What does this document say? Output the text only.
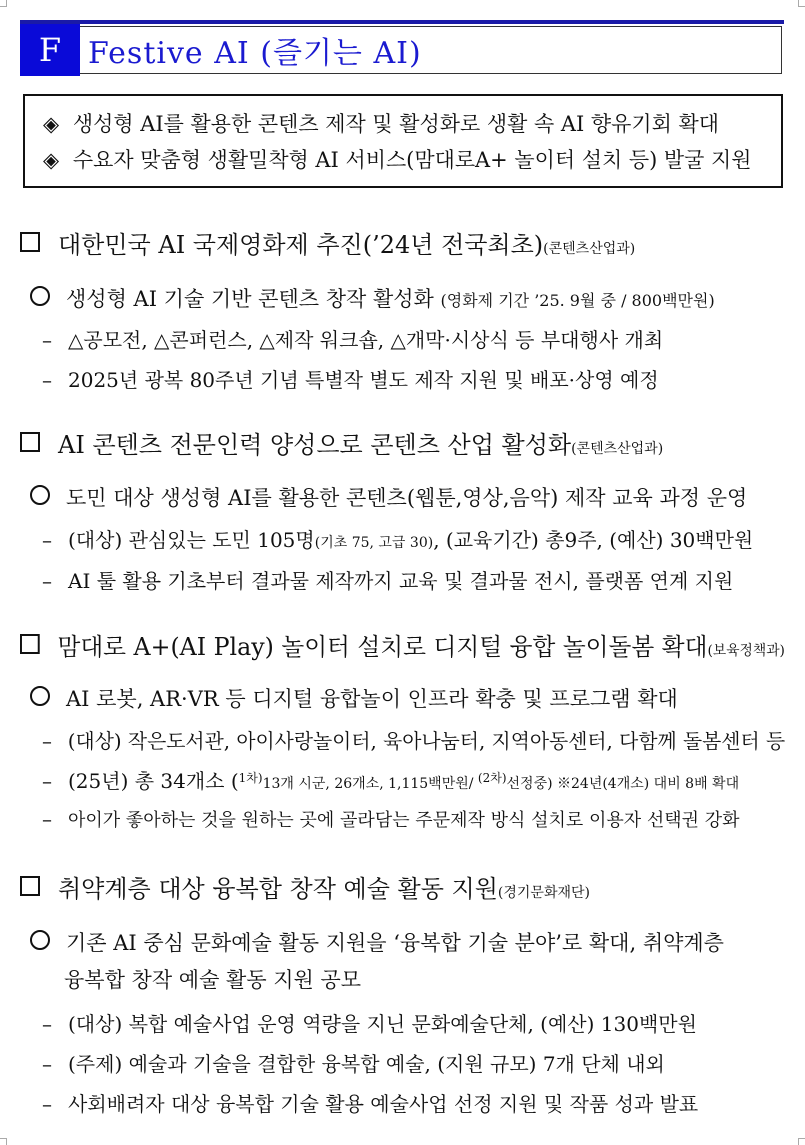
F Festive AI (즐기는 AI)
◈ 생성형 AI를 활용한 콘텐츠 제작 및 활성화로 생활 속 AI 향유기회 확대
◈ 수요자 맞춤형 생활밀착형 AI 서비스(맘대로A+ 놀이터 설치 등) 발굴 지원
대한민국 AI 국제영화제 추진(’24년 전국최초)(콘텐츠산업과)
생성형 AI 기술 기반 콘텐츠 창작 활성화 (영화제 기간 ’25. 9월 중 / 800백만원)
– △공모전, △콘퍼런스, △제작 워크숍, △개막·시상식 등 부대행사 개최
– 2025년 광복 80주년 기념 특별작 별도 제작 지원 및 배포·상영 예정
AI 콘텐츠 전문인력 양성으로 콘텐츠 산업 활성화(콘텐츠산업과)
도민 대상 생성형 AI를 활용한 콘텐츠(웹툰,영상,음악) 제작 교육 과정 운영
– (대상) 관심있는 도민 105명(기초 75, 고급 30), (교육기간) 총9주, (예산) 30백만원
– AI 툴 활용 기초부터 결과물 제작까지 교육 및 결과물 전시, 플랫폼 연계 지원
맘대로 A+(AI Play) 놀이터 설치로 디지털 융합 놀이돌봄 확대(보육정책과)
AI 로봇, AR·VR 등 디지털 융합놀이 인프라 확충 및 프로그램 확대
– (대상) 작은도서관, 아이사랑놀이터, 육아나눔터, 지역아동센터, 다함께 돌봄센터 등
– (25년) 총 34개소 ($^{1차)}$13개 시군, 26개소, 1,115백만원/ $^{(2차)}$선정중) ※24년(4개소) 대비 8배 확대
– 아이가 좋아하는 것을 원하는 곳에 골라담는 주문제작 방식 설치로 이용자 선택권 강화
취약계층 대상 융복합 창작 예술 활동 지원(경기문화재단)
기존 AI 중심 문화예술 활동 지원을 ‘융복합 기술 분야’로 확대, 취약계층
융복합 창작 예술 활동 지원 공모
– (대상) 복합 예술사업 운영 역량을 지닌 문화예술단체, (예산) 130백만원
– (주제) 예술과 기술을 결합한 융복합 예술, (지원 규모) 7개 단체 내외
– 사회배려자 대상 융복합 기술 활용 예술사업 선정 지원 및 작품 성과 발표
